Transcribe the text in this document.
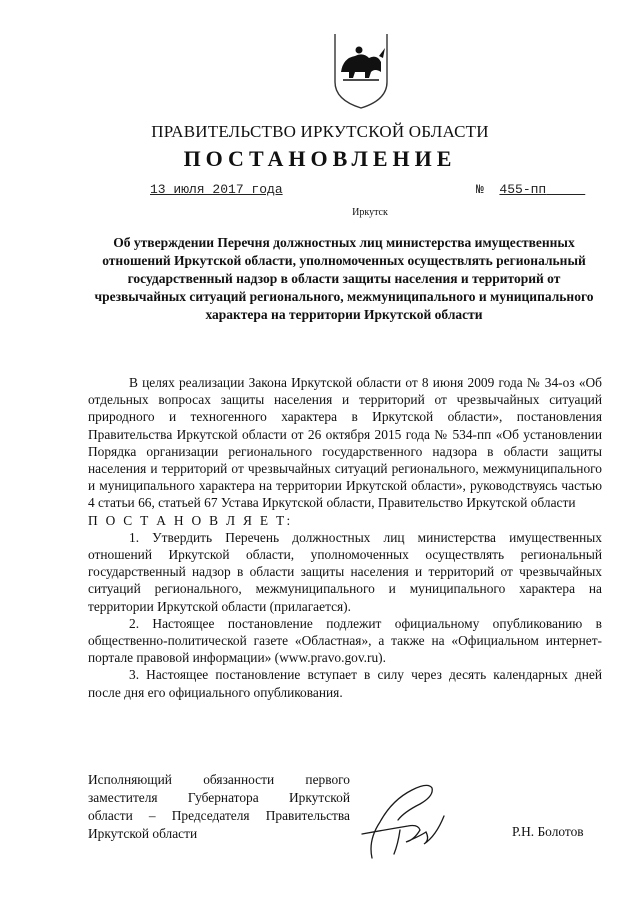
ПРАВИТЕЛЬСТВО ИРКУТСКОЙ ОБЛАСТИ
ПОСТАНОВЛЕНИЕ
13 июля 2017 года	№ 455-пп
Иркутск
Об утверждении Перечня должностных лиц министерства имущественных отношений Иркутской области, уполномоченных осуществлять региональный государственный надзор в области защиты населения и территорий от чрезвычайных ситуаций регионального, межмуниципального и муниципального характера на территории Иркутской области

В целях реализации Закона Иркутской области от 8 июня 2009 года № 34-оз «Об отдельных вопросах защиты населения и территорий от чрезвычайных ситуаций природного и техногенного характера в Иркутской области», постановления Правительства Иркутской области от 26 октября 2015 года № 534-пп «Об установлении Порядка организации регионального государственного надзора в области защиты населения и территорий от чрезвычайных ситуаций регионального, межмуниципального и муниципального характера на территории Иркутской области», руководствуясь частью 4 статьи 66, статьей 67 Устава Иркутской области, Правительство Иркутской области

П О С Т А Н О В Л Я Е Т:

1. Утвердить Перечень должностных лиц министерства имущественных отношений Иркутской области, уполномоченных осуществлять региональный государственный надзор в области защиты населения и территорий от чрезвычайных ситуаций регионального, межмуниципального и муниципального характера на территории Иркутской области (прилагается).

2. Настоящее постановление подлежит официальному опубликованию в общественно-политической газете «Областная», а также на «Официальном интернет-портале правовой информации» (www.pravo.gov.ru).

3. Настоящее постановление вступает в силу через десять календарных дней после дня его официального опубликования.

Исполняющий обязанности первого
заместителя Губернатора Иркутской
области – Председателя Правительства
Иркутской области	Р.Н. Болотов
